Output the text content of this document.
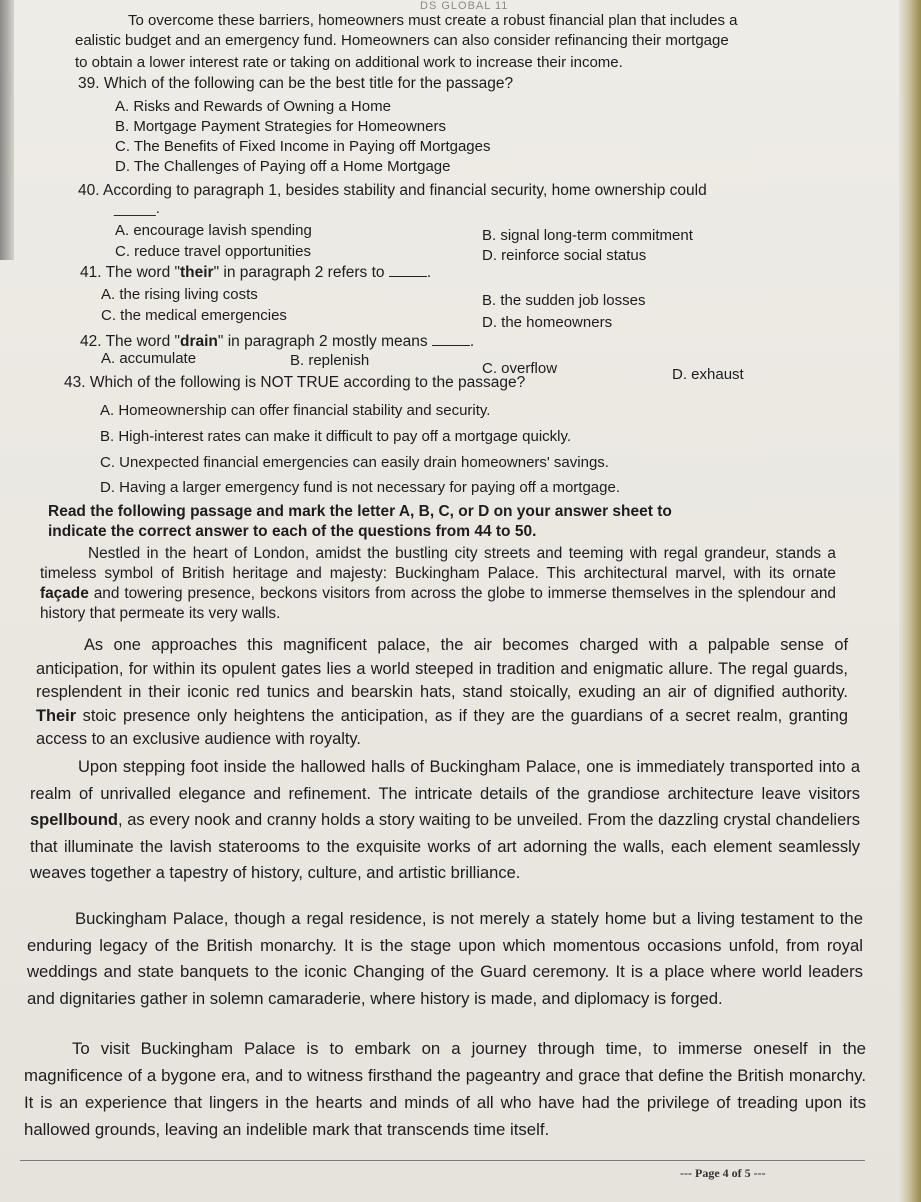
DS GLOBAL 11
To overcome these barriers, homeowners must create a robust financial plan that includes a
ealistic budget and an emergency fund. Homeowners can also consider refinancing their mortgage
to obtain a lower interest rate or taking on additional work to increase their income.
39. Which of the following can be the best title for the passage?
A. Risks and Rewards of Owning a Home
B. Mortgage Payment Strategies for Homeowners
C. The Benefits of Fixed Income in Paying off Mortgages
D. The Challenges of Paying off a Home Mortgage
40. According to paragraph 1, besides stability and financial security, home ownership could
_____.
A. encourage lavish spending	B. signal long-term commitment
C. reduce travel opportunities	D. reinforce social status
41. The word "their" in paragraph 2 refers to	.
A. the rising living costs	B. the sudden job losses
C. the medical emergencies	D. the homeowners
42. The word "drain" in paragraph 2 mostly means	.
A. accumulate	B. replenish	C. overflow	D. exhaust
43. Which of the following is NOT TRUE according to the passage?
A. Homeownership can offer financial stability and security.
B. High-interest rates can make it difficult to pay off a mortgage quickly.
C. Unexpected financial emergencies can easily drain homeowners' savings.
D. Having a larger emergency fund is not necessary for paying off a mortgage.
Read the following passage and mark the letter A, B, C, or D on your answer sheet to
indicate the correct answer to each of the questions from 44 to 50.

Nestled in the heart of London, amidst the bustling city streets and teeming with regal grandeur, stands a timeless symbol of British heritage and majesty: Buckingham Palace. This architectural marvel, with its ornate façade and towering presence, beckons visitors from across the globe to immerse themselves in the splendour and history that permeate its very walls.

As one approaches this magnificent palace, the air becomes charged with a palpable sense of anticipation, for within its opulent gates lies a world steeped in tradition and enigmatic allure. The regal guards, resplendent in their iconic red tunics and bearskin hats, stand stoically, exuding an air of dignified authority. Their stoic presence only heightens the anticipation, as if they are the guardians of a secret realm, granting access to an exclusive audience with royalty.

Upon stepping foot inside the hallowed halls of Buckingham Palace, one is immediately transported into a realm of unrivalled elegance and refinement. The intricate details of the grandiose architecture leave visitors spellbound, as every nook and cranny holds a story waiting to be unveiled. From the dazzling crystal chandeliers that illuminate the lavish staterooms to the exquisite works of art adorning the walls, each element seamlessly weaves together a tapestry of history, culture, and artistic brilliance.

Buckingham Palace, though a regal residence, is not merely a stately home but a living testament to the enduring legacy of the British monarchy. It is the stage upon which momentous occasions unfold, from royal weddings and state banquets to the iconic Changing of the Guard ceremony. It is a place where world leaders and dignitaries gather in solemn camaraderie, where history is made, and diplomacy is forged.

To visit Buckingham Palace is to embark on a journey through time, to immerse oneself in the magnificence of a bygone era, and to witness firsthand the pageantry and grace that define the British monarchy. It is an experience that lingers in the hearts and minds of all who have had the privilege of treading upon its hallowed grounds, leaving an indelible mark that transcends time itself.

--- Page 4 of 5 ---
